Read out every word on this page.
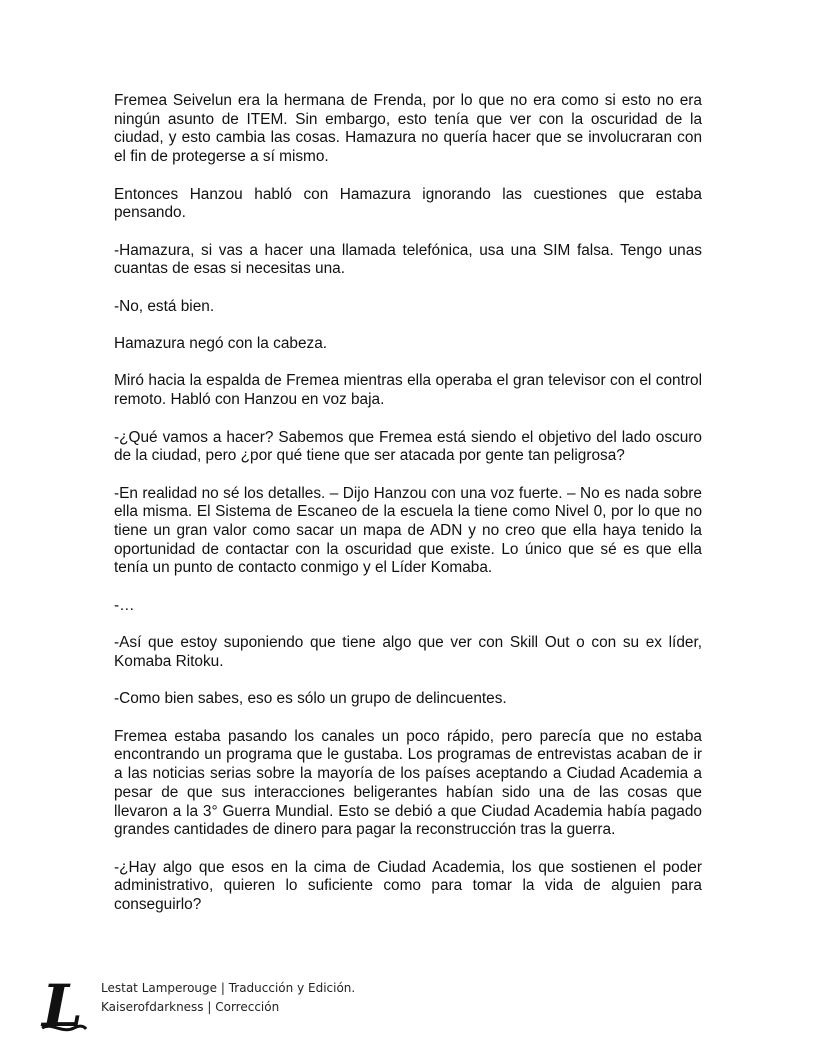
Fremea Seivelun era la hermana de Frenda, por lo que no era como si esto no era ningún asunto de ITEM. Sin embargo, esto tenía que ver con la oscuridad de la ciudad, y esto cambia las cosas. Hamazura no quería hacer que se involucraran con el fin de protegerse a sí mismo.

Entonces Hanzou habló con Hamazura ignorando las cuestiones que estaba pensando.

-Hamazura, si vas a hacer una llamada telefónica, usa una SIM falsa. Tengo unas cuantas de esas si necesitas una.

-No, está bien.

Hamazura negó con la cabeza.

Miró hacia la espalda de Fremea mientras ella operaba el gran televisor con el control remoto. Habló con Hanzou en voz baja.

-¿Qué vamos a hacer? Sabemos que Fremea está siendo el objetivo del lado oscuro de la ciudad, pero ¿por qué tiene que ser atacada por gente tan peligrosa?

-En realidad no sé los detalles. – Dijo Hanzou con una voz fuerte. – No es nada sobre ella misma. El Sistema de Escaneo de la escuela la tiene como Nivel 0, por lo que no tiene un gran valor como sacar un mapa de ADN y no creo que ella haya tenido la oportunidad de contactar con la oscuridad que existe. Lo único que sé es que ella tenía un punto de contacto conmigo y el Líder Komaba.

-…

-Así que estoy suponiendo que tiene algo que ver con Skill Out o con su ex líder, Komaba Ritoku.

-Como bien sabes, eso es sólo un grupo de delincuentes.

Fremea estaba pasando los canales un poco rápido, pero parecía que no estaba encontrando un programa que le gustaba. Los programas de entrevistas acaban de ir a las noticias serias sobre la mayoría de los países aceptando a Ciudad Academia a pesar de que sus interacciones beligerantes habían sido una de las cosas que llevaron a la 3° Guerra Mundial. Esto se debió a que Ciudad Academia había pagado grandes cantidades de dinero para pagar la reconstrucción tras la guerra.

-¿Hay algo que esos en la cima de Ciudad Academia, los que sostienen el poder administrativo, quieren lo suficiente como para tomar la vida de alguien para conseguirlo?

L Lestat Lamperouge | Traducción y Edición.
Kaiserofdarkness | Corrección
